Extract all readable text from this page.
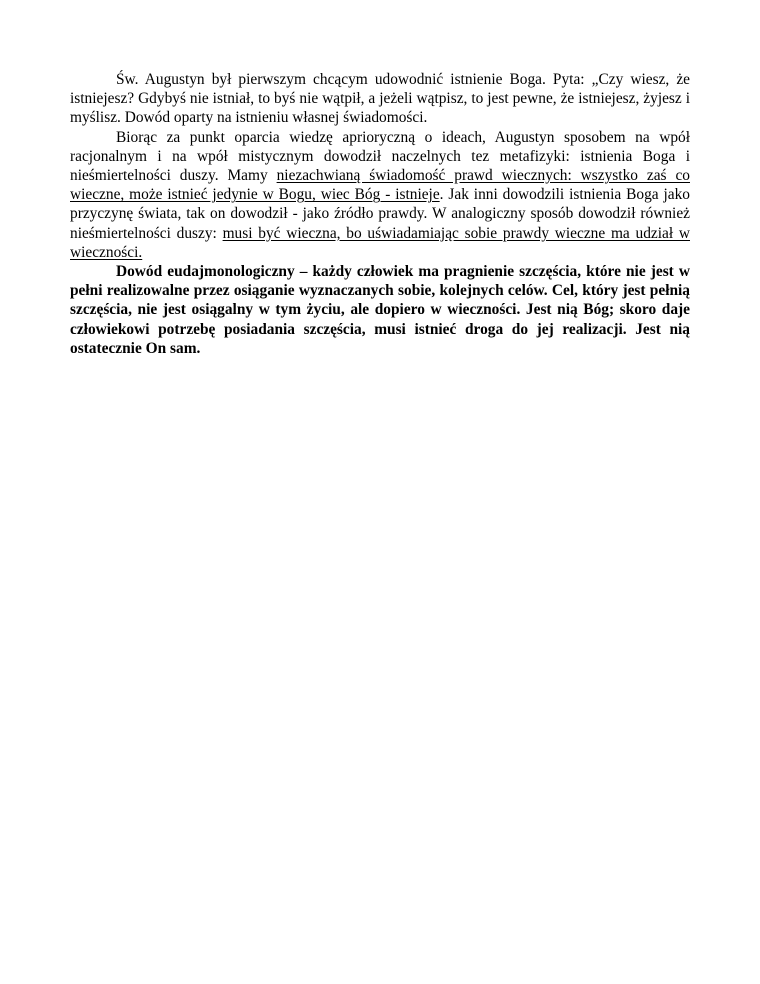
Św. Augustyn był pierwszym chcącym udowodnić istnienie Boga. Pyta: „Czy wiesz, że istniejesz? Gdybyś nie istniał, to byś nie wątpił, a jeżeli wątpisz, to jest pewne, że istniejesz, żyjesz i myślisz. Dowód oparty na istnieniu własnej świadomości.

Biorąc za punkt oparcia wiedzę aprioryczną o ideach, Augustyn sposobem na wpół racjonalnym i na wpół mistycznym dowodził naczelnych tez metafizyki: istnienia Boga i nieśmiertelności duszy. Mamy niezachwianą świadomość prawd wiecznych: wszystko zaś co wieczne, może istnieć jedynie w Bogu, wiec Bóg - istnieje. Jak inni dowodzili istnienia Boga jako przyczynę świata, tak on dowodził - jako źródło prawdy. W analogiczny sposób dowodził również nieśmiertelności duszy: musi być wieczna, bo uświadamiając sobie prawdy wieczne ma udział w wieczności.

Dowód eudajmonologiczny – każdy człowiek ma pragnienie szczęścia, które nie jest w pełni realizowalne przez osiąganie wyznaczanych sobie, kolejnych celów. Cel, który jest pełnią szczęścia, nie jest osiągalny w tym życiu, ale dopiero w wieczności. Jest nią Bóg; skoro daje człowiekowi potrzebę posiadania szczęścia, musi istnieć droga do jej realizacji. Jest nią ostatecznie On sam.
